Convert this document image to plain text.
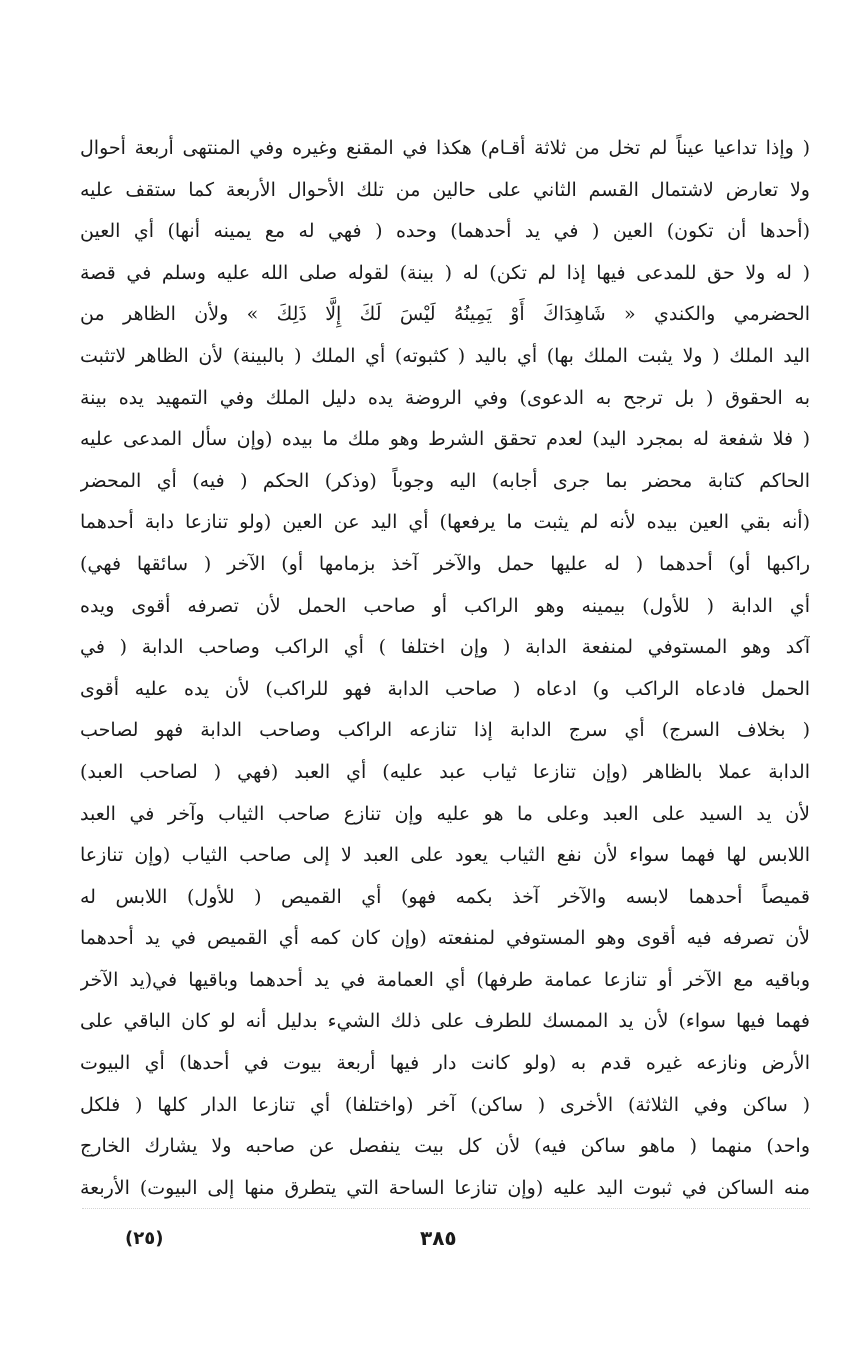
( وإذا تداعيا عيناً لم تخل من ثلاثة أقـام) هكذا في المقنع وغيره وفي المنتهى أربعة أحوال
ولا تعارض لاشتمال القسم الثاني على حالين من تلك الأحوال الأربعة كما ستقف عليه
(أحدها أن تكون) العين ( في يد أحدهما) وحده ( فهي له مع يمينه أنها) أي العين
( له ولا حق للمدعى فيها إذا لم تكن) له ( بينة) لقوله صلى الله عليه وسلم في قصة
الحضرمي والكندي « شَاهِدَاكَ أَوْ يَمِينُهُ لَيْسَ لَكَ إِلَّا ذَلِكَ » ولأن الظاهر من
اليد الملك ( ولا يثبت الملك بها) أي باليد ( كثبوته) أي الملك ( بالبينة) لأن الظاهر لاتثبت
به الحقوق ( بل ترجح به الدعوى) وفي الروضة يده دليل الملك وفي التمهيد يده بينة
( فلا شفعة له بمجرد اليد) لعدم تحقق الشرط وهو ملك ما بيده (وإن سأل المدعى عليه
الحاكم كتابة محضر بما جرى أجابه) اليه وجوباً (وذكر) الحكم ( فيه) أي المحضر
(أنه بقي العين بيده لأنه لم يثبت ما يرفعها) أي اليد عن العين (ولو تنازعا دابة أحدهما
راكبها أو) أحدهما ( له عليها حمل والآخر آخذ بزمامها أو) الآخر ( سائقها فهي)
أي الدابة ( للأول) بيمينه وهو الراكب أو صاحب الحمل لأن تصرفه أقوى ويده
آكد وهو المستوفي لمنفعة الدابة ( وإن اختلفا ) أي الراكب وصاحب الدابة ( في
الحمل فادعاه الراكب و) ادعاه ( صاحب الدابة فهو للراكب) لأن يده عليه أقوى
( بخلاف السرج) أي سرج الدابة إذا تنازعه الراكب وصاحب الدابة فهو لصاحب
الدابة عملا بالظاهر (وإن تنازعا ثياب عبد عليه) أي العبد (فهي ( لصاحب العبد)
لأن يد السيد على العبد وعلى ما هو عليه وإن تنازع صاحب الثياب وآخر في العبد
اللابس لها فهما سواء لأن نفع الثياب يعود على العبد لا إلى صاحب الثياب (وإن تنازعا
قميصاً أحدهما لابسه والآخر آخذ بكمه فهو) أي القميص ( للأول) اللابس له
لأن تصرفه فيه أقوى وهو المستوفي لمنفعته (وإن كان كمه أي القميص في يد أحدهما
وباقيه مع الآخر أو تنازعا عمامة طرفها) أي العمامة في يد أحدهما وباقيها في(يد الآخر
فهما فيها سواء) لأن يد الممسك للطرف على ذلك الشيء بدليل أنه لو كان الباقي على
الأرض ونازعه غيره قدم به (ولو كانت دار فيها أربعة بيوت في أحدها) أي البيوت
( ساكن وفي الثلاثة) الأخرى ( ساكن) آخر (واختلفا) أي تنازعا الدار كلها ( فلكل
واحد) منهما ( ماهو ساكن فيه) لأن كل بيت ينفصل عن صاحبه ولا يشارك الخارج
منه الساكن في ثبوت اليد عليه (وإن تنازعا الساحة التي يتطرق منها إلى البيوت) الأربعة
(٢٥)	٣٨٥
